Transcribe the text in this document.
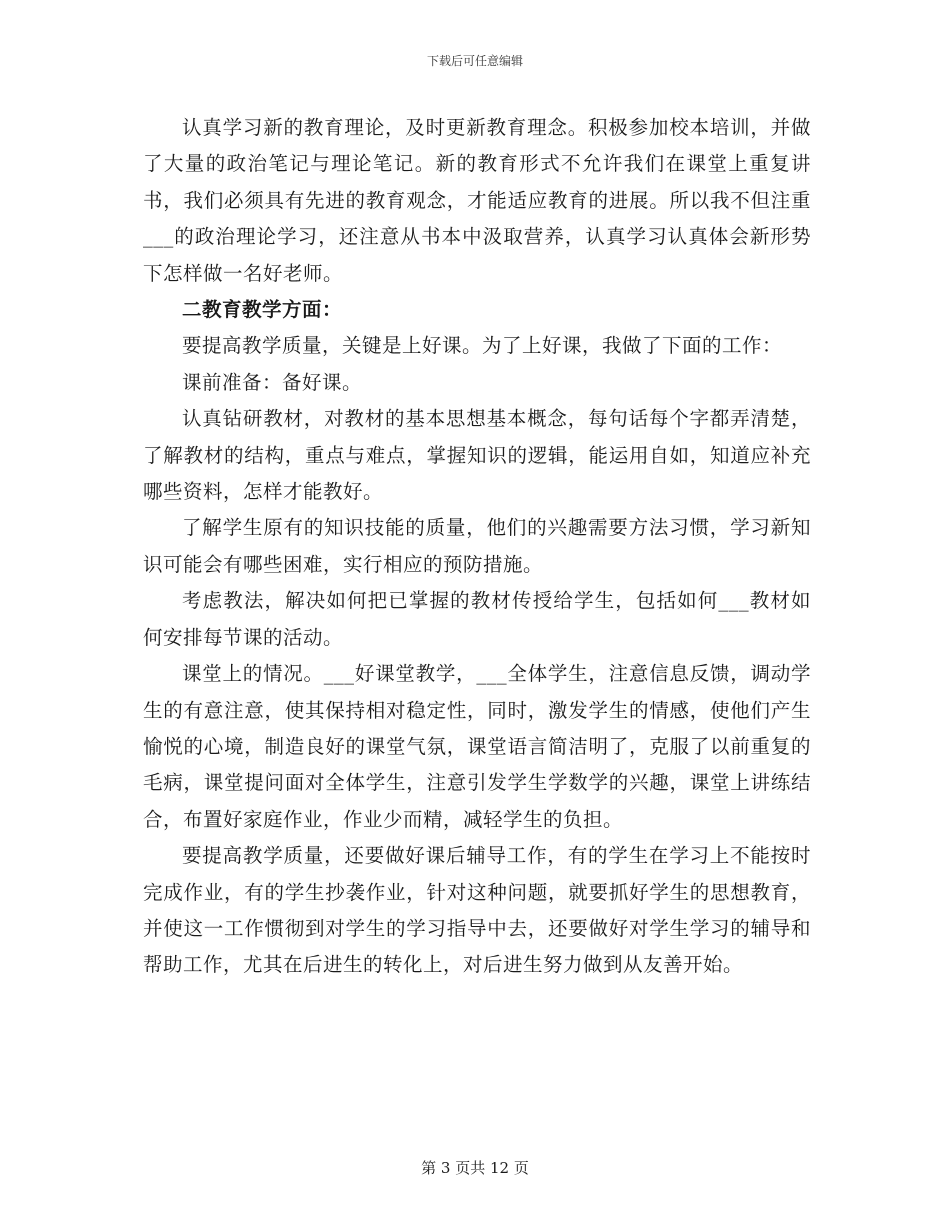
下载后可任意编辑

认真学习新的教育理论，及时更新教育理念。积极参加校本培训，并做了大量的政治笔记与理论笔记。新的教育形式不允许我们在课堂上重复讲书，我们必须具有先进的教育观念，才能适应教育的进展。所以我不但注重___的政治理论学习，还注意从书本中汲取营养，认真学习认真体会新形势下怎样做一名好老师。

二教育教学方面：

要提高教学质量，关键是上好课。为了上好课，我做了下面的工作：

课前准备：备好课。

认真钻研教材，对教材的基本思想基本概念，每句话每个字都弄清楚，了解教材的结构，重点与难点，掌握知识的逻辑，能运用自如，知道应补充哪些资料，怎样才能教好。

了解学生原有的知识技能的质量，他们的兴趣需要方法习惯，学习新知识可能会有哪些困难，实行相应的预防措施。

考虑教法，解决如何把已掌握的教材传授给学生，包括如何___教材如何安排每节课的活动。

课堂上的情况。___好课堂教学，___全体学生，注意信息反馈，调动学生的有意注意，使其保持相对稳定性，同时，激发学生的情感，使他们产生愉悦的心境，制造良好的课堂气氛，课堂语言简洁明了，克服了以前重复的毛病，课堂提问面对全体学生，注意引发学生学数学的兴趣，课堂上讲练结合，布置好家庭作业，作业少而精，减轻学生的负担。

要提高教学质量，还要做好课后辅导工作，有的学生在学习上不能按时完成作业，有的学生抄袭作业，针对这种问题，就要抓好学生的思想教育，并使这一工作惯彻到对学生的学习指导中去，还要做好对学生学习的辅导和帮助工作，尤其在后进生的转化上，对后进生努力做到从友善开始。

第 3 页共 12 页
